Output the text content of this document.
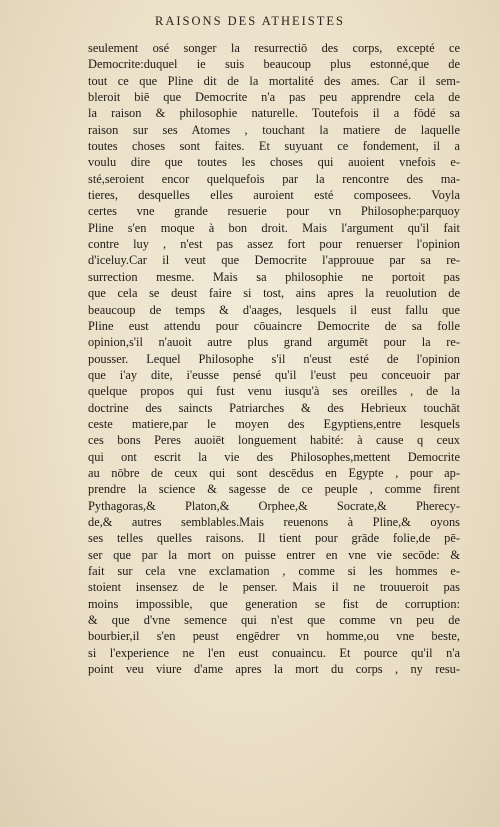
RAISONS DES ATHEISTES
seulement osé songer la resurrectiō des corps, excepté ce
Democrite:duquel ie suis beaucoup plus estonné,que de
tout ce que Pline dit de la mortalité des ames. Car il sem-
bleroit biē que Democrite n'a pas peu apprendre cela de
la raison & philosophie naturelle. Toutefois il a fōdé sa
raison sur ses Atomes , touchant la matiere de laquelle
toutes choses sont faites. Et suyuant ce fondement, il a
voulu dire que toutes les choses qui auoient vnefois e-
sté,seroient encor quelquefois par la rencontre des ma-
tieres, desquelles elles auroient esté composees. Voyla
certes vne grande resuerie pour vn Philosophe:parquoy
Pline s'en moque à bon droit. Mais l'argument qu'il fait
contre luy , n'est pas assez fort pour renuerser l'opinion
d'iceluy.Car il veut que Democrite l'approuue par sa re-
surrection mesme. Mais sa philosophie ne portoit pas
que cela se deust faire si tost, ains apres la reuolution de
beaucoup de temps & d'aages, lesquels il eust fallu que
Pline eust attendu pour cōuaincre Democrite de sa folle
opinion,s'il n'auoit autre plus grand argumēt pour la re-
pousser. Lequel Philosophe s'il n'eust esté de l'opinion
que i'ay dite, i'eusse pensé qu'il l'eust peu conceuoir par
quelque propos qui fust venu iusqu'à ses oreilles , de la
doctrine des saincts Patriarches & des Hebrieux touchāt
ceste matiere,par le moyen des Egyptiens,entre lesquels
ces bons Peres auoiēt longuement habité: à cause q ceux
qui ont escrit la vie des Philosophes,mettent Democrite
au nōbre de ceux qui sont descēdus en Egypte , pour ap-
prendre la science & sagesse de ce peuple , comme firent
Pythagoras,& Platon,& Orphee,& Socrate,& Pherecy-
de,& autres semblables.Mais reuenons à Pline,& oyons
ses telles quelles raisons. Il tient pour grāde folie,de pē-
ser que par la mort on puisse entrer en vne vie secōde: &
fait sur cela vne exclamation , comme si les hommes e-
stoient insensez de le penser. Mais il ne trouueroit pas
moins impossible, que generation se fist de corruption:
& que d'vne semence qui n'est que comme vn peu de
bourbier,il s'en peust engēdrer vn homme,ou vne beste,
si l'experience ne l'en eust conuaincu. Et pource qu'il n'a
point veu viure d'ame apres la mort du corps , ny resu-
